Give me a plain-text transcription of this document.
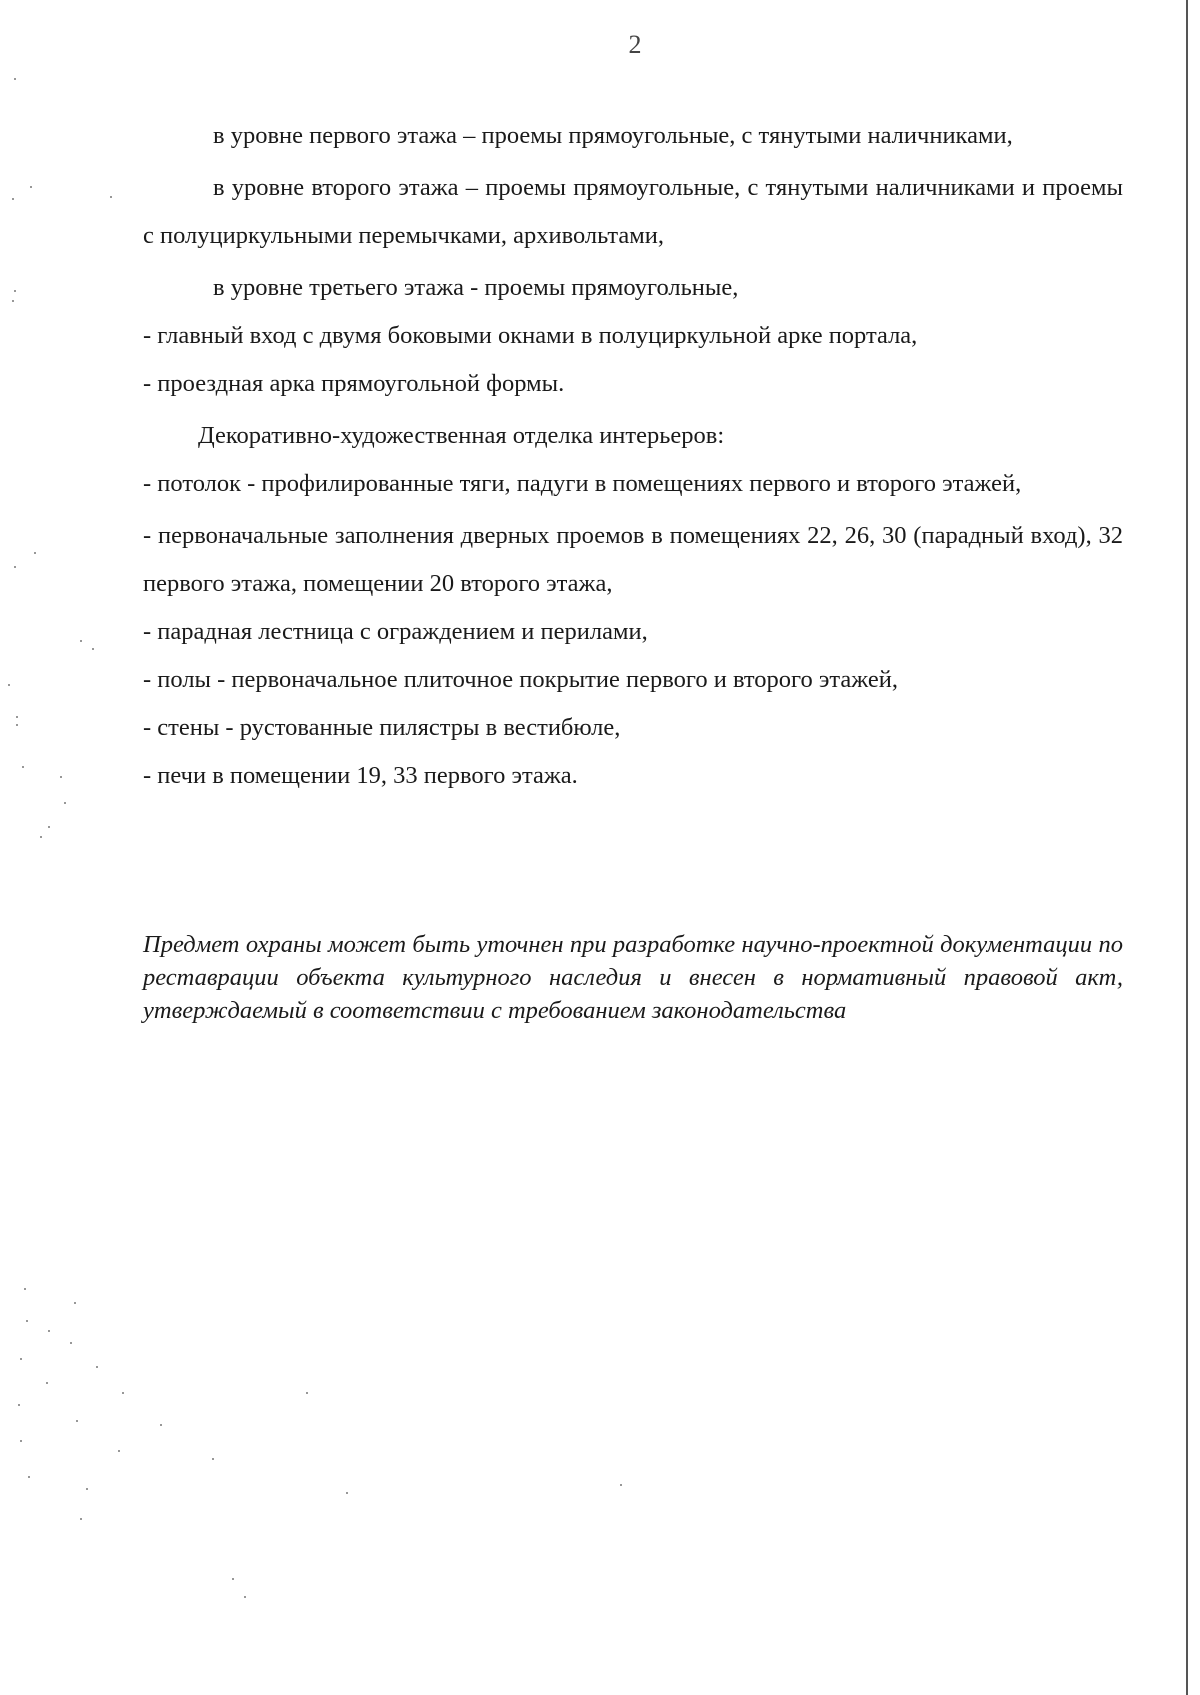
2

в уровне первого этажа – проемы прямоугольные, с тянутыми наличниками,

в уровне второго этажа – проемы прямоугольные, с тянутыми наличниками и проемы с полуциркульными перемычками, архивольтами,

в уровне третьего этажа - проемы прямоугольные,

- главный вход с двумя боковыми окнами в полуциркульной арке портала,

- проездная арка прямоугольной формы.

Декоративно-художественная отделка интерьеров:

- потолок - профилированные тяги, падуги в помещениях первого и второго этажей,

- первоначальные заполнения дверных проемов в помещениях 22, 26, 30 (парадный вход), 32 первого этажа, помещении 20 второго этажа,

- парадная лестница с ограждением и перилами,

- полы - первоначальное плиточное покрытие первого и второго этажей,

- стены - рустованные пилястры в вестибюле,

- печи в помещении 19, 33 первого этажа.

Предмет охраны может быть уточнен при разработке научно-проектной документации по реставрации объекта культурного наследия и внесен в нормативный правовой акт, утверждаемый в соответствии с требованием законодательства
